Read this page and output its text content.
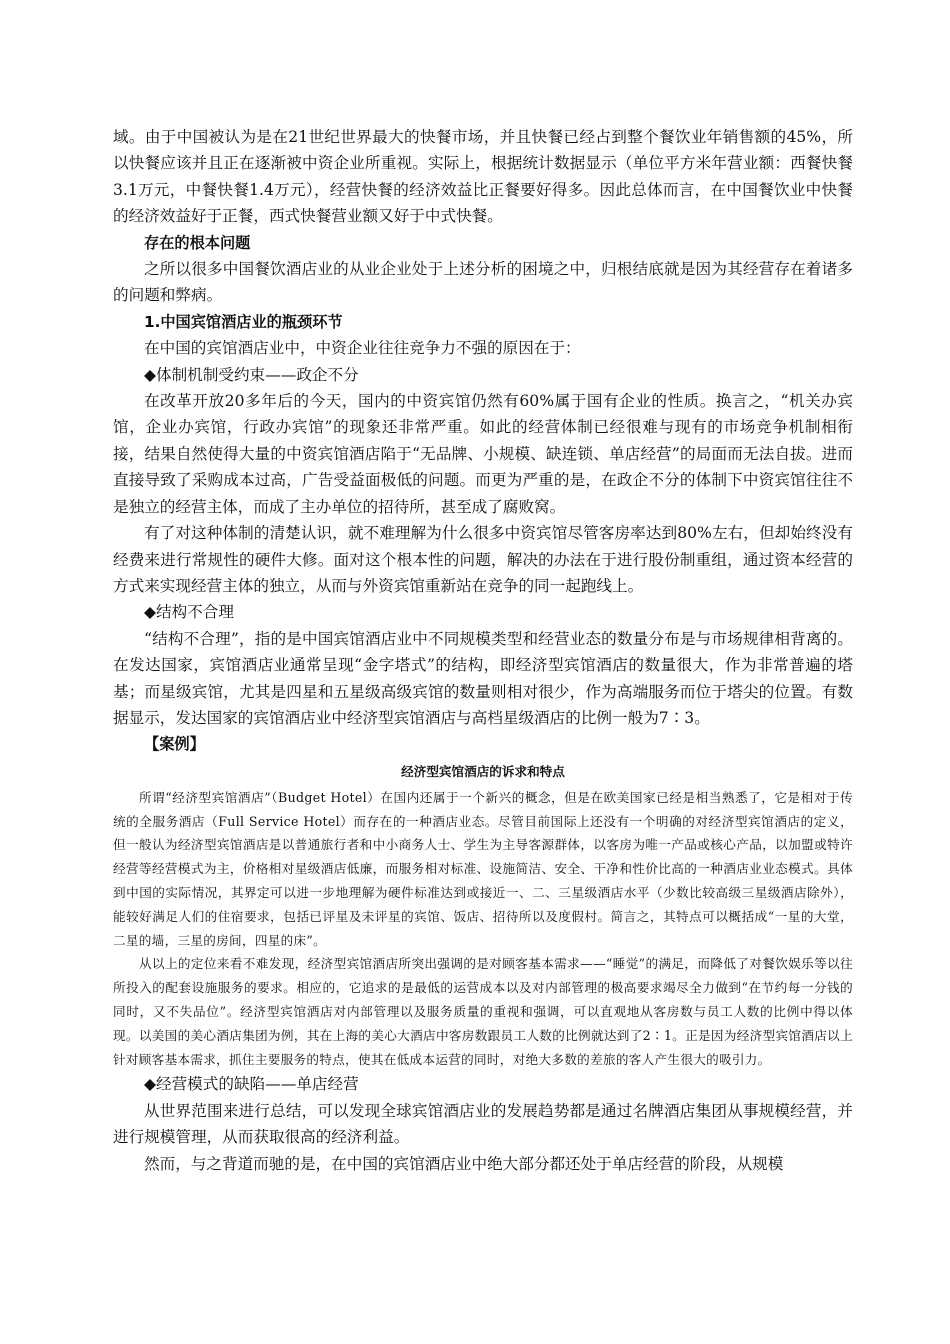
域。由于中国被认为是在21世纪世界最大的快餐市场，并且快餐已经占到整个餐饮业年销售额的45%，所以快餐应该并且正在逐渐被中资企业所重视。实际上，根据统计数据显示（单位平方米年营业额：西餐快餐3.1万元，中餐快餐1.4万元），经营快餐的经济效益比正餐要好得多。因此总体而言，在中国餐饮业中快餐的经济效益好于正餐，西式快餐营业额又好于中式快餐。

存在的根本问题

之所以很多中国餐饮酒店业的从业企业处于上述分析的困境之中，归根结底就是因为其经营存在着诸多的问题和弊病。

1.中国宾馆酒店业的瓶颈环节

在中国的宾馆酒店业中，中资企业往往竞争力不强的原因在于：

◆体制机制受约束——政企不分

在改革开放20多年后的今天，国内的中资宾馆仍然有60%属于国有企业的性质。换言之，“机关办宾馆，企业办宾馆，行政办宾馆”的现象还非常严重。如此的经营体制已经很难与现有的市场竞争机制相衔接，结果自然使得大量的中资宾馆酒店陷于“无品牌、小规模、缺连锁、单店经营”的局面而无法自拔。进而直接导致了采购成本过高，广告受益面极低的问题。而更为严重的是，在政企不分的体制下中资宾馆往往不是独立的经营主体，而成了主办单位的招待所，甚至成了腐败窝。

有了对这种体制的清楚认识，就不难理解为什么很多中资宾馆尽管客房率达到80%左右，但却始终没有经费来进行常规性的硬件大修。面对这个根本性的问题，解决的办法在于进行股份制重组，通过资本经营的方式来实现经营主体的独立，从而与外资宾馆重新站在竞争的同一起跑线上。

◆结构不合理

“结构不合理”，指的是中国宾馆酒店业中不同规模类型和经营业态的数量分布是与市场规律相背离的。在发达国家，宾馆酒店业通常呈现“金字塔式”的结构，即经济型宾馆酒店的数量很大，作为非常普遍的塔基；而星级宾馆，尤其是四星和五星级高级宾馆的数量则相对很少，作为高端服务而位于塔尖的位置。有数据显示，发达国家的宾馆酒店业中经济型宾馆酒店与高档星级酒店的比例一般为7∶3。

【案例】

经济型宾馆酒店的诉求和特点

所谓“经济型宾馆酒店”（Budget Hotel）在国内还属于一个新兴的概念，但是在欧美国家已经是相当熟悉了，它是相对于传统的全服务酒店（Full Service Hotel）而存在的一种酒店业态。尽管目前国际上还没有一个明确的对经济型宾馆酒店的定义，但一般认为经济型宾馆酒店是以普通旅行者和中小商务人士、学生为主导客源群体，以客房为唯一产品或核心产品，以加盟或特许经营等经营模式为主，价格相对星级酒店低廉，而服务相对标准、设施简洁、安全、干净和性价比高的一种酒店业业态模式。具体到中国的实际情况，其界定可以进一步地理解为硬件标准达到或接近一、二、三星级酒店水平（少数比较高级三星级酒店除外），能较好满足人们的住宿要求，包括已评星及未评星的宾馆、饭店、招待所以及度假村。简言之，其特点可以概括成“一星的大堂，二星的墙，三星的房间，四星的床”。

从以上的定位来看不难发现，经济型宾馆酒店所突出强调的是对顾客基本需求——“睡觉”的满足，而降低了对餐饮娱乐等以往所投入的配套设施服务的要求。相应的，它追求的是最低的运营成本以及对内部管理的极高要求竭尽全力做到“在节约每一分钱的同时，又不失品位”。经济型宾馆酒店对内部管理以及服务质量的重视和强调，可以直观地从客房数与员工人数的比例中得以体现。以美国的美心酒店集团为例，其在上海的美心大酒店中客房数跟员工人数的比例就达到了2∶1。正是因为经济型宾馆酒店以上针对顾客基本需求，抓住主要服务的特点，使其在低成本运营的同时，对绝大多数的差旅的客人产生很大的吸引力。

◆经营模式的缺陷——单店经营

从世界范围来进行总结，可以发现全球宾馆酒店业的发展趋势都是通过名牌酒店集团从事规模经营，并进行规模管理，从而获取很高的经济利益。

然而，与之背道而驰的是，在中国的宾馆酒店业中绝大部分都还处于单店经营的阶段，从规模
